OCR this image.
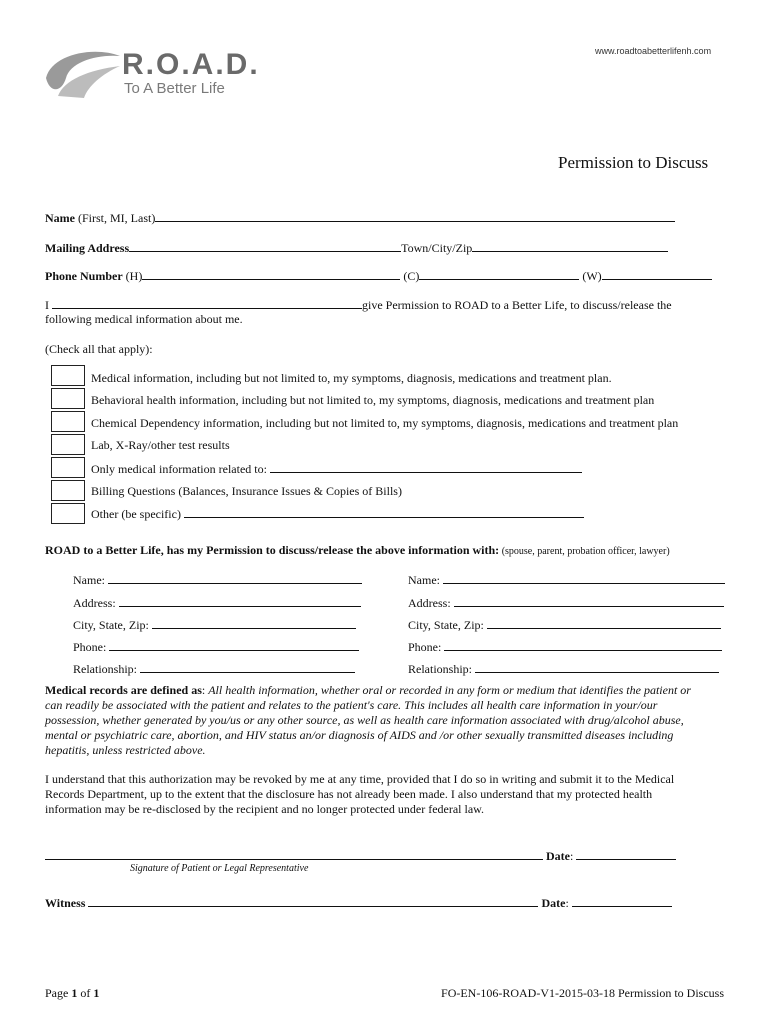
R.O.A.D.
To A Better Life
www.roadtoabetterlifenh.com
Permission to Discuss
Name (First, MI, Last)
Mailing Address	Town/City/Zip
Phone Number (H)	(C)	(W)
I	give Permission to ROAD to a Better Life, to discuss/release the
following medical information about me.
(Check all that apply):
Medical information, including but not limited to, my symptoms, diagnosis, medications and treatment plan.
Behavioral health information, including but not limited to, my symptoms, diagnosis, medications and treatment plan
Chemical Dependency information, including but not limited to, my symptoms, diagnosis, medications and treatment plan
Lab, X-Ray/other test results
Only medical information related to:
Billing Questions (Balances, Insurance Issues & Copies of Bills)
Other (be specific)
ROAD to a Better Life, has my Permission to discuss/release the above information with: (spouse, parent, probation officer, lawyer)
Name:
Address:
City, State, Zip:
Phone:
Relationship:
Name:
Address:
City, State, Zip:
Phone:
Relationship:
Medical records are defined as: All health information, whether oral or recorded in any form or medium that identifies the patient or
can readily be associated with the patient and relates to the patient's care. This includes all health care information in your/our
possession, whether generated by you/us or any other source, as well as health care information associated with drug/alcohol abuse,
mental or psychiatric care, abortion, and HIV status an/or diagnosis of AIDS and /or other sexually transmitted diseases including
hepatitis, unless restricted above.
I understand that this authorization may be revoked by me at any time, provided that I do so in writing and submit it to the Medical
Records Department, up to the extent that the disclosure has not already been made. I also understand that my protected health
information may be re-disclosed by the recipient and no longer protected under federal law.
Date:
Signature of Patient or Legal Representative
Witness	Date:
Page 1 of 1	FO-EN-106-ROAD-V1-2015-03-18 Permission to Discuss
